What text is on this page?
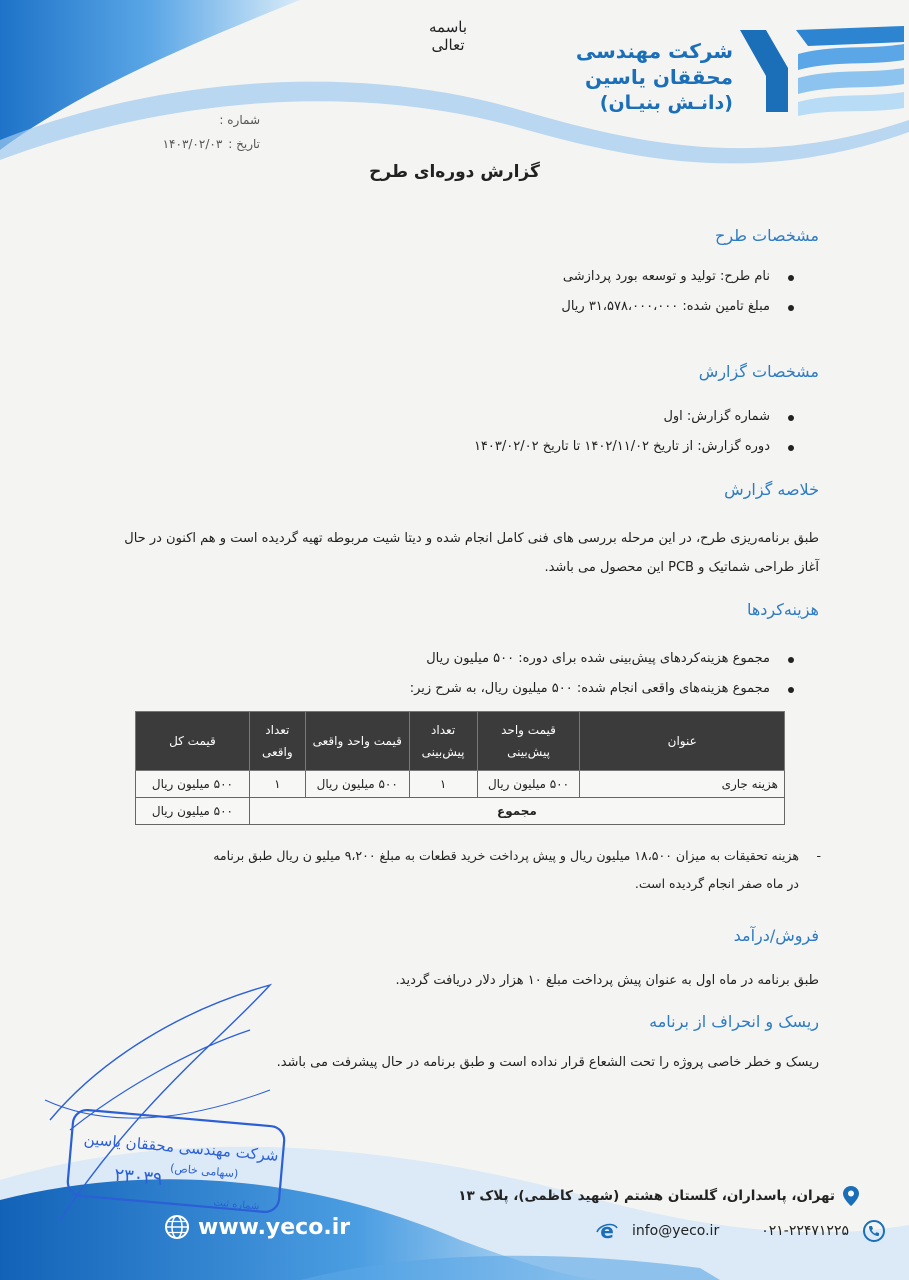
شرکت مهندسی
محققان یاسین
(دانـش بنیـان)
باسمه تعالی
شماره :
تاریخ :
۱۴۰۳/۰۲/۰۳
گزارش دوره‌ای طرح
مشخصات طرح
نام طرح: تولید و توسعه بورد پردازشی
مبلغ تامین شده: ۳۱،۵۷۸،۰۰۰،۰۰۰ ریال
مشخصات گزارش
شماره گزارش: اول
دوره گزارش: از تاریخ ۱۴۰۲/۱۱/۰۲ تا تاریخ ۱۴۰۳/۰۲/۰۲
خلاصه گزارش
طبق برنامه‌ریزی طرح، در این مرحله بررسی های فنی کامل انجام شده و دیتا شیت مربوطه تهیه گردیده است و هم اکنون در حال
آغاز طراحی شماتیک و PCB این محصول می باشد.
هزینه‌کردها
مجموع هزینه‌کردهای پیش‌بینی شده برای دوره: ۵۰۰ میلیون ریال
مجموع هزینه‌های واقعی انجام شده: ۵۰۰ میلیون ریال، به شرح زیر:
عنوان	قیمت واحد پیش‌بینی	تعداد پیش‌بینی	قیمت واحد واقعی	تعداد واقعی	قیمت کل
هزینه جاری	۵۰۰ میلیون ریال	۱	۵۰۰ میلیون ریال	۱	۵۰۰ میلیون ریال
مجموع					۵۰۰ میلیون ریال
-
هزینه تحقیقات به میزان ۱۸،۵۰۰ میلیون ریال و پیش پرداخت خرید قطعات به مبلغ ۹،۲۰۰ میلیو ن ریال طبق برنامه
در ماه صفر انجام گردیده است.
فروش/درآمد
طبق برنامه در ماه اول به عنوان پیش پرداخت مبلغ ۱۰ هزار دلار دریافت گردید.
ریسک و انحراف از برنامه
ریسک و خطر خاصی پروژه را تحت الشعاع قرار نداده است و طبق برنامه در حال پیشرفت می باشد.
شرکت مهندسی محققان یاسین
(سهامی خاص)
۲۳۰۳۹
شماره ثبت
تهران، پاسداران، گلستان هشتم (شهید کاظمی)، پلاک ۱۳
۰۲۱-۲۲۴۷۱۲۲۵
info@yeco.ir
e
www.yeco.ir
